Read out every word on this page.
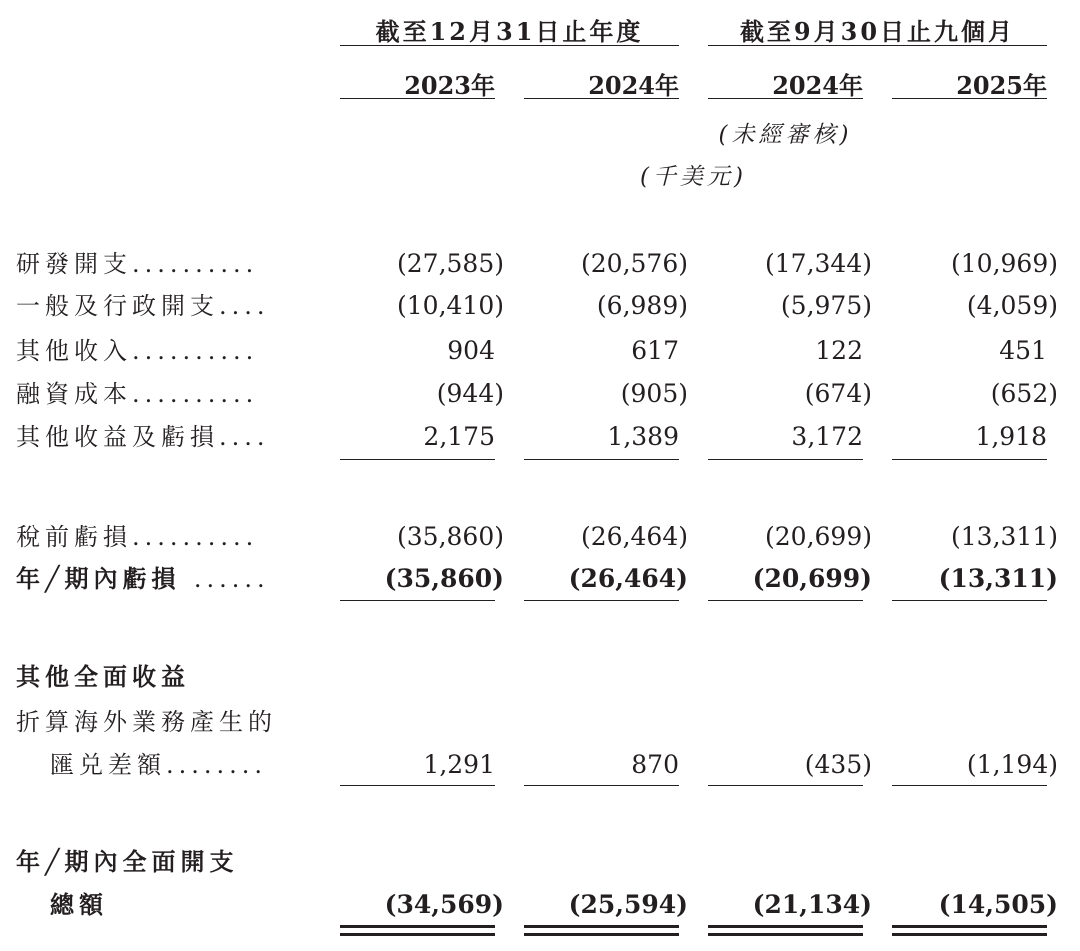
截至12月31日止年度	截至9月30日止九個月
2023年	2024年	2024年	2025年
(未經審核)
(千美元)
研發開支..........	(27,585)	(20,576)	(17,344)	(10,969)
一般及行政開支....	(10,410)	(6,989)	(5,975)	(4,059)
其他收入..........	904	617	122	451
融資成本..........	(944)	(905)	(674)	(652)
其他收益及虧損....	2,175	1,389	3,172	1,918
稅前虧損..........	(35,860)	(26,464)	(20,699)	(13,311)
年╱期內虧損 ......	(35,860)	(26,464)	(20,699)	(13,311)
其他全面收益
折算海外業務產生的
匯兑差額........	1,291	870	(435)	(1,194)
年╱期內全面開支
總額	(34,569)	(25,594)	(21,134)	(14,505)
